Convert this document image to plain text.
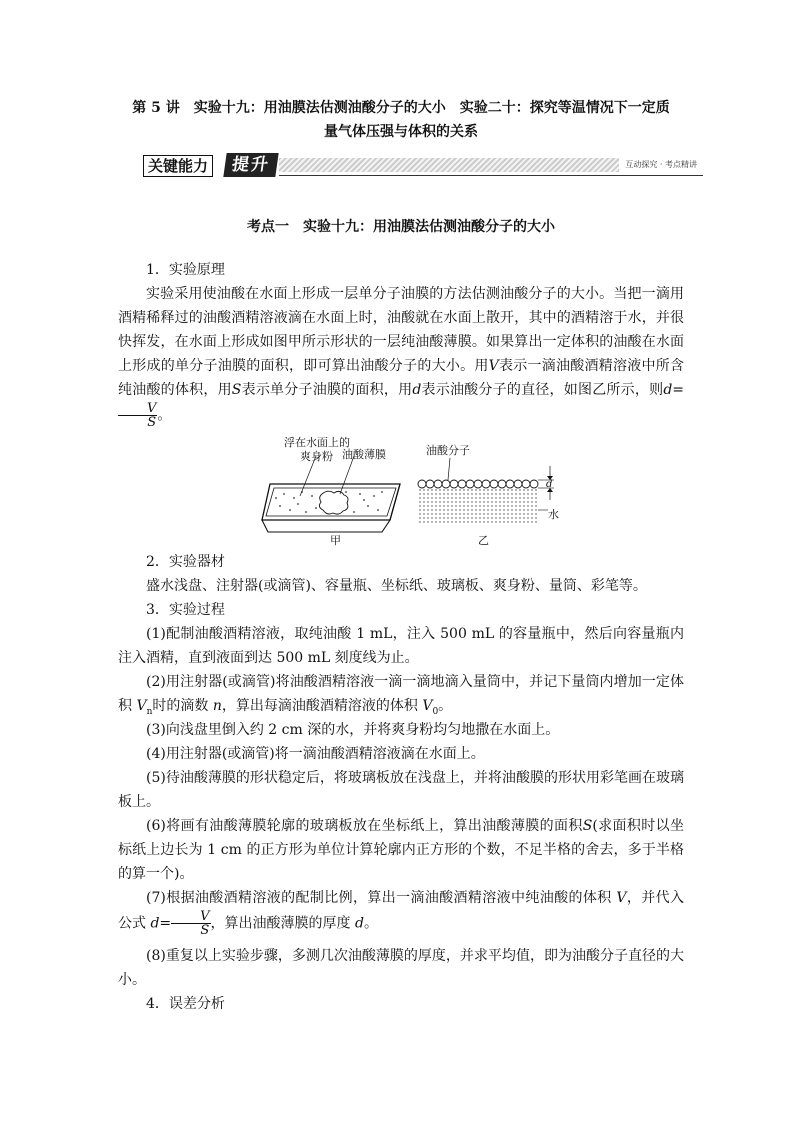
第 5 讲　实验十九：用油膜法估测油酸分子的大小　实验二十：探究等温情况下一定质
量气体压强与体积的关系
关键能力	提升	互动探究 · 考点精讲
考点一　实验十九：用油膜法估测油酸分子的大小
1．实验原理
实验采用使油酸在水面上形成一层单分子油膜的方法估测油酸分子的大小。当把一滴用酒精稀释过的油酸酒精溶液滴在水面上时，油酸就在水面上散开，其中的酒精溶于水，并很快挥发，在水面上形成如图甲所示形状的一层纯油酸薄膜。如果算出一定体积的油酸在水面上形成的单分子油膜的面积，即可算出油酸分子的大小。用V表示一滴油酸酒精溶液中所含纯油酸的体积，用S表示单分子油膜的面积，用d表示油酸分子的直径，如图乙所示，则d=
$\frac{V}{S}$ 。
浮在水面上的
爽身粉 油酸薄膜	油酸分子
d
水
甲	乙
2．实验器材
盛水浅盘、注射器(或滴管)、容量瓶、坐标纸、玻璃板、爽身粉、量筒、彩笔等。
3．实验过程
(1)配制油酸酒精溶液，取纯油酸 1 mL，注入 500 mL 的容量瓶中，然后向容量瓶内注入酒精，直到液面到达 500 mL 刻度线为止。
(2)用注射器(或滴管)将油酸酒精溶液一滴一滴地滴入量筒中，并记下量筒内增加一定体积 $V_n$时的滴数 n，算出每滴油酸酒精溶液的体积 $V_0$。
(3)向浅盘里倒入约 2 cm 深的水，并将爽身粉均匀地撒在水面上。
(4)用注射器(或滴管)将一滴油酸酒精溶液滴在水面上。
(5)待油酸薄膜的形状稳定后，将玻璃板放在浅盘上，并将油酸膜的形状用彩笔画在玻璃板上。
(6)将画有油酸薄膜轮廓的玻璃板放在坐标纸上，算出油酸薄膜的面积S(求面积时以坐标纸上边长为 1 cm 的正方形为单位计算轮廓内正方形的个数，不足半格的舍去，多于半格的算一个)。
(7)根据油酸酒精溶液的配制比例，算出一滴油酸酒精溶液中纯油酸的体积 V，并代入公式 $d= \frac{V}{S}$ ，算出油酸薄膜的厚度 d。
(8)重复以上实验步骤，多测几次油酸薄膜的厚度，并求平均值，即为油酸分子直径的大小。
4．误差分析
